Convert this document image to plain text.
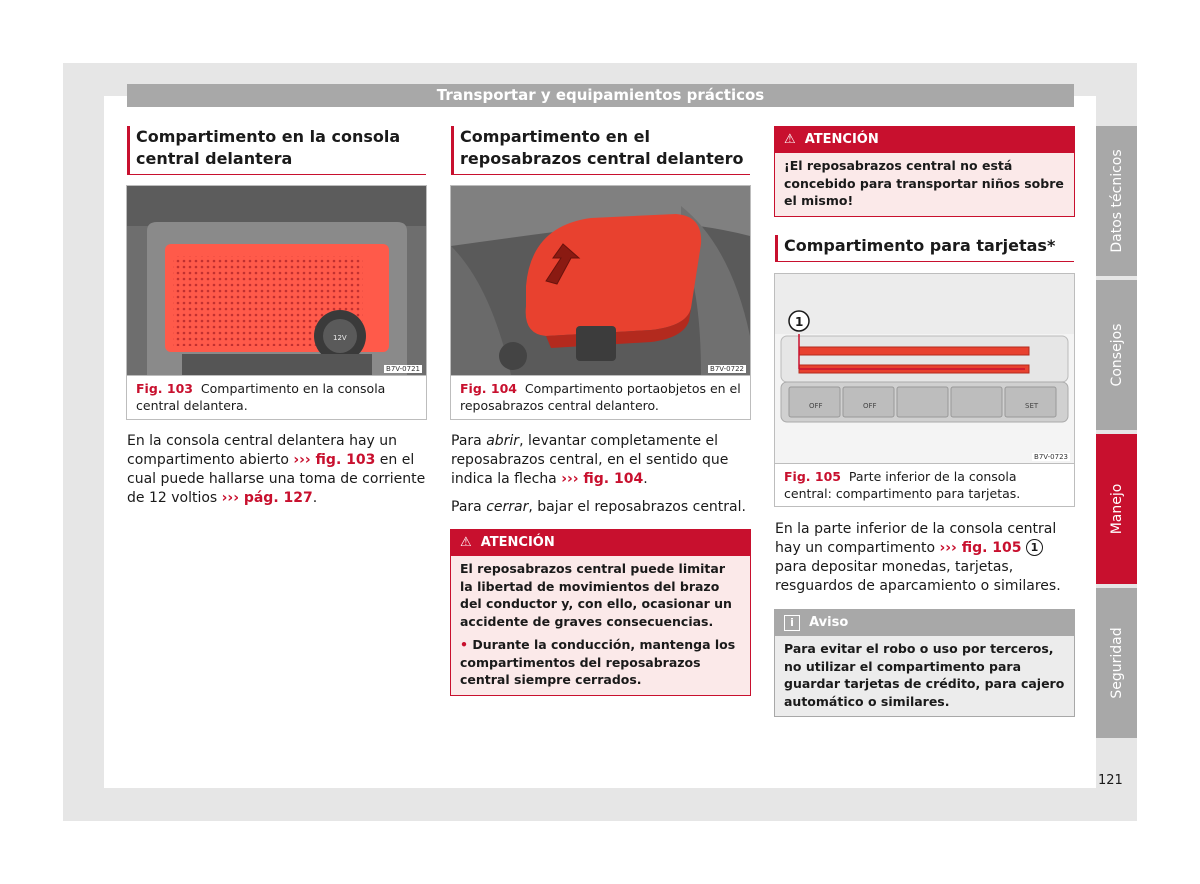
Transportar y equipamientos prácticos
Compartimento en la consola central delantera
12V
B7V-0721
Fig. 103 Compartimento en la consola central delantera.

En la consola central delantera hay un compartimento abierto ››› fig. 103 en el cual puede hallarse una toma de corriente de 12 voltios ››› pág. 127.

Compartimento en el reposabrazos central delantero
B7V-0722
Fig. 104 Compartimento portaobjetos en el reposabrazos central delantero.

Para abrir, levantar completamente el reposabrazos central, en el sentido que indica la flecha ››› fig. 104.

Para cerrar, bajar el reposabrazos central.

⚠ ATENCIÓN
El reposabrazos central puede limitar la libertad de movimientos del brazo del conductor y, con ello, ocasionar un accidente de graves consecuencias.
• Durante la conducción, mantenga los compartimentos del reposabrazos central siempre cerrados.
⚠ ATENCIÓN
¡El reposabrazos central no está concebido para transportar niños sobre el mismo!
Compartimento para tarjetas*
OFF	OFF	SET
1
B7V-0723
Fig. 105 Parte inferior de la consola central: compartimento para tarjetas.

En la parte inferior de la consola central hay un compartimento ››› fig. 105 1 para depositar monedas, tarjetas, resguardos de aparcamiento o similares.

i Aviso
Para evitar el robo o uso por terceros, no utilizar el compartimento para guardar tarjetas de crédito, para cajero automático o similares.
Datos técnicos
Consejos
Manejo
Seguridad
121
